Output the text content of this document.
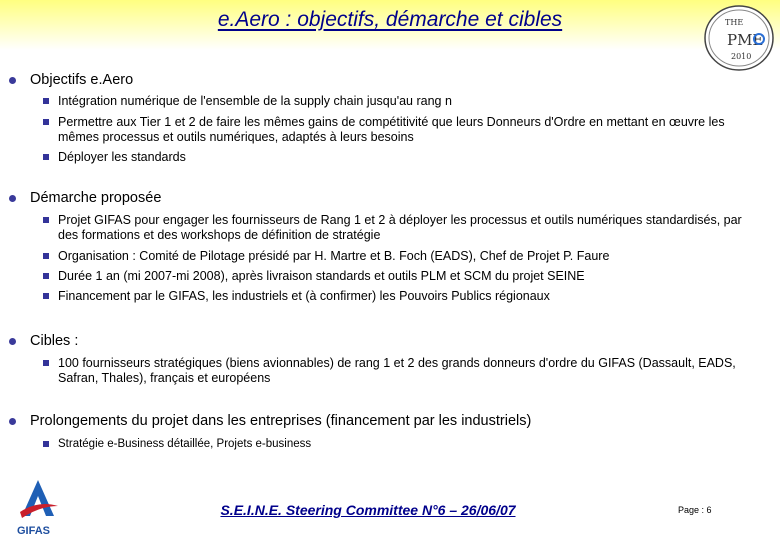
e.Aero : objectifs, démarche et cibles	THE
PME
2010
Objectifs e.Aero
Intégration numérique de l'ensemble de la supply chain jusqu'au rang n
Permettre aux Tier 1 et 2 de faire les mêmes gains de compétitivité que leurs Donneurs d'Ordre en mettant en œuvre les mêmes processus et outils numériques, adaptés à leurs besoins
Déployer les standards
Démarche proposée
Projet GIFAS pour engager les fournisseurs de Rang 1 et 2 à déployer les processus et outils numériques standardisés, par des formations et des workshops de définition de stratégie
Organisation : Comité de Pilotage présidé par H. Martre et B. Foch (EADS), Chef de Projet P. Faure
Durée 1 an (mi 2007-mi 2008), après livraison standards et outils PLM et SCM du projet SEINE
Financement par le GIFAS, les industriels et (à confirmer) les Pouvoirs Publics régionaux
Cibles :
100 fournisseurs stratégiques (biens avionnables) de rang 1 et 2 des grands donneurs d'ordre du GIFAS (Dassault, EADS, Safran, Thales), français et européens
Prolongements du projet dans les entreprises (financement par les industriels)
Stratégie e-Business détaillée, Projets e-business
GIFAS
S.E.I.N.E. Steering Committee N°6 – 26/06/07	Page : 6
